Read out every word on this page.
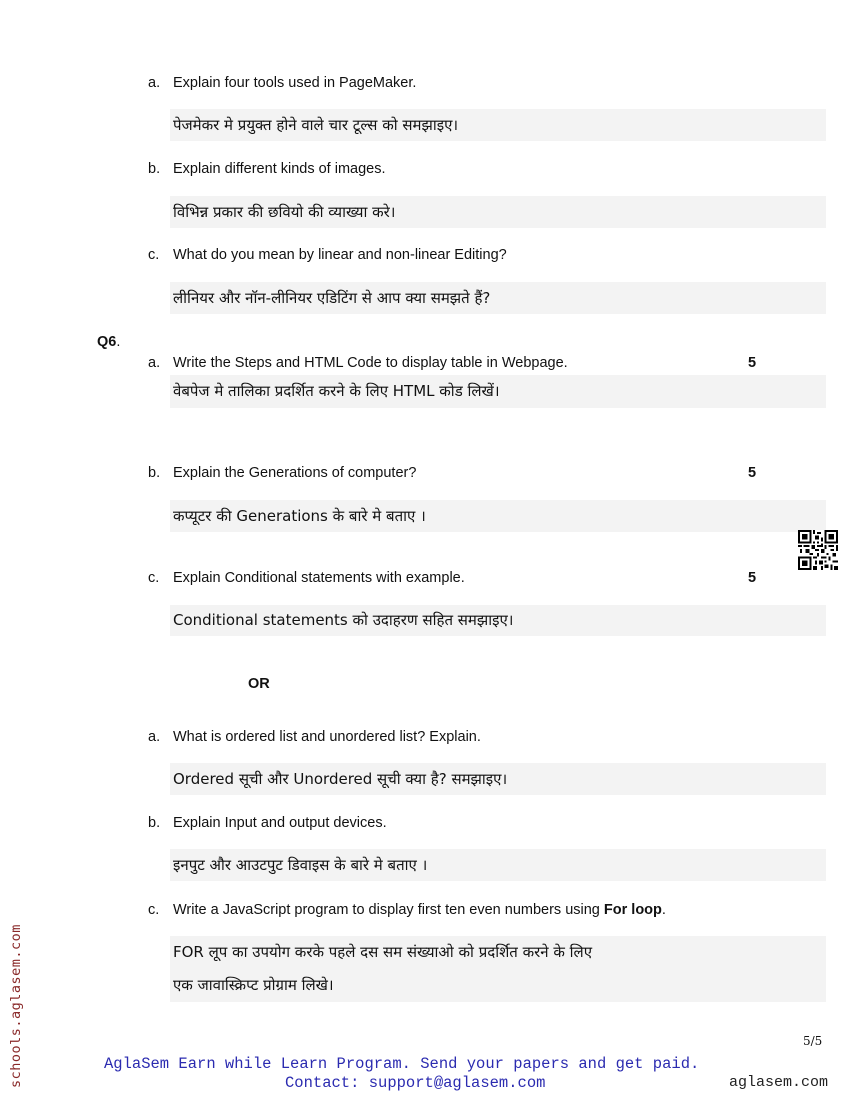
a. Explain four tools used in PageMaker.
पेजमेकर मे प्रयुक्त होने वाले चार टूल्स को समझाइए।
b. Explain different kinds of images.
विभिन्न प्रकार की छवियो की व्याख्या करे।
c. What do you mean by linear and non-linear Editing?
लीनियर और नॉन-लीनियर एडिटिंग से आप क्या समझते हैं?
Q6.
a. Write the Steps and HTML Code to display table in Webpage.	5
वेबपेज मे तालिका प्रदर्शित करने के लिए HTML कोड लिखें।
b. Explain the Generations of computer?	5
कप्यूटर की Generations के बारे मे बताए ।
c. Explain Conditional statements with example.	5
Conditional statements को उदाहरण सहित समझाइए।
OR
a. What is ordered list and unordered list? Explain.
Ordered सूची और Unordered सूची क्या है? समझाइए।
b. Explain Input and output devices.
इनपुट और आउटपुट डिवाइस के बारे मे बताए ।
c. Write a JavaScript program to display first ten even numbers using For loop.
FOR लूप का उपयोग करके पहले दस सम संख्याओ को प्रदर्शित करने के लिए
एक जावास्क्रिप्ट प्रोग्राम लिखे।
schools.aglasem.com	5/5
AglaSem Earn while Learn Program. Send your papers and get paid.
Contact: support@aglasem.com	aglasem.com
